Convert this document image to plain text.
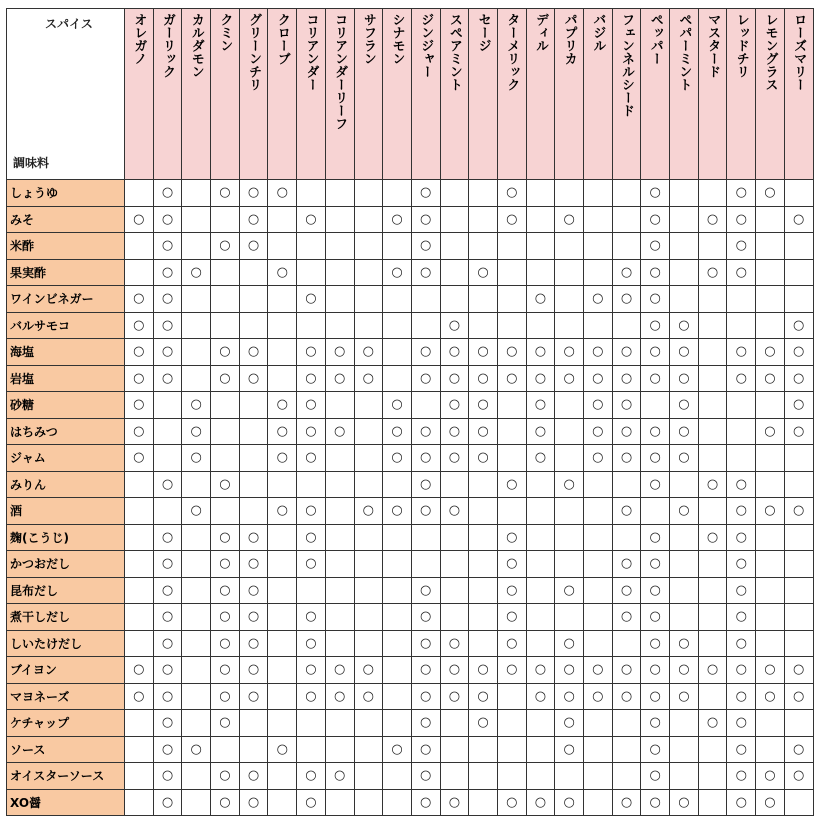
スパイス
調味料	オレガノ	ガーリック	カルダモン	クミン	グリーンチリ	クローブ	コリアンダー	コリアンダーリーフ	サフラン	シナモン	ジンジャー	スペアミント	セージ	ターメリック	ディル	パプリカ	バジル	フェンネルシード	ペッパー	ペパーミント	マスタード	レッドチリ	レモングラス	ローズマリー

しょうゆ		○		○	○	○					○			○					○			○	○	
みそ	○	○			○		○			○	○			○		○			○		○	○		○
米酢		○		○	○						○								○			○		
果実酢		○	○			○				○	○		○					○	○		○	○		
ワインビネガー	○	○					○								○		○	○	○					
バルサモコ	○	○										○							○	○				○
海塩	○	○		○	○		○	○	○		○	○	○	○	○	○	○	○	○	○		○	○	○
岩塩	○	○		○	○		○	○	○		○	○	○	○	○	○	○	○	○	○		○	○	○
砂糖	○		○			○	○			○		○	○		○		○	○		○				○
はちみつ	○		○			○	○	○		○	○	○	○		○		○	○	○	○			○	○
ジャム	○		○			○	○			○	○	○	○		○		○	○	○	○				
みりん		○		○							○			○		○			○		○	○		
酒			○			○	○		○	○	○	○						○		○		○	○	○
麹(こうじ)		○		○	○		○							○					○		○	○		
かつおだし		○		○	○		○							○				○	○			○		
昆布だし		○		○	○						○			○		○		○	○			○		
煮干しだし		○		○	○		○				○			○				○	○			○		
しいたけだし		○		○	○		○				○	○		○		○			○	○		○		
ブイヨン	○	○		○	○		○	○	○		○	○	○	○	○	○	○	○	○	○	○	○	○	○
マヨネーズ	○	○		○	○		○	○	○		○	○	○		○	○	○	○	○	○		○	○	○
ケチャップ		○		○							○		○			○			○		○	○		
ソース		○	○			○				○	○					○			○			○		○
オイスターソース		○		○	○		○	○			○								○			○	○	○
XO醤		○		○	○		○				○	○		○	○	○		○	○	○		○	○	
